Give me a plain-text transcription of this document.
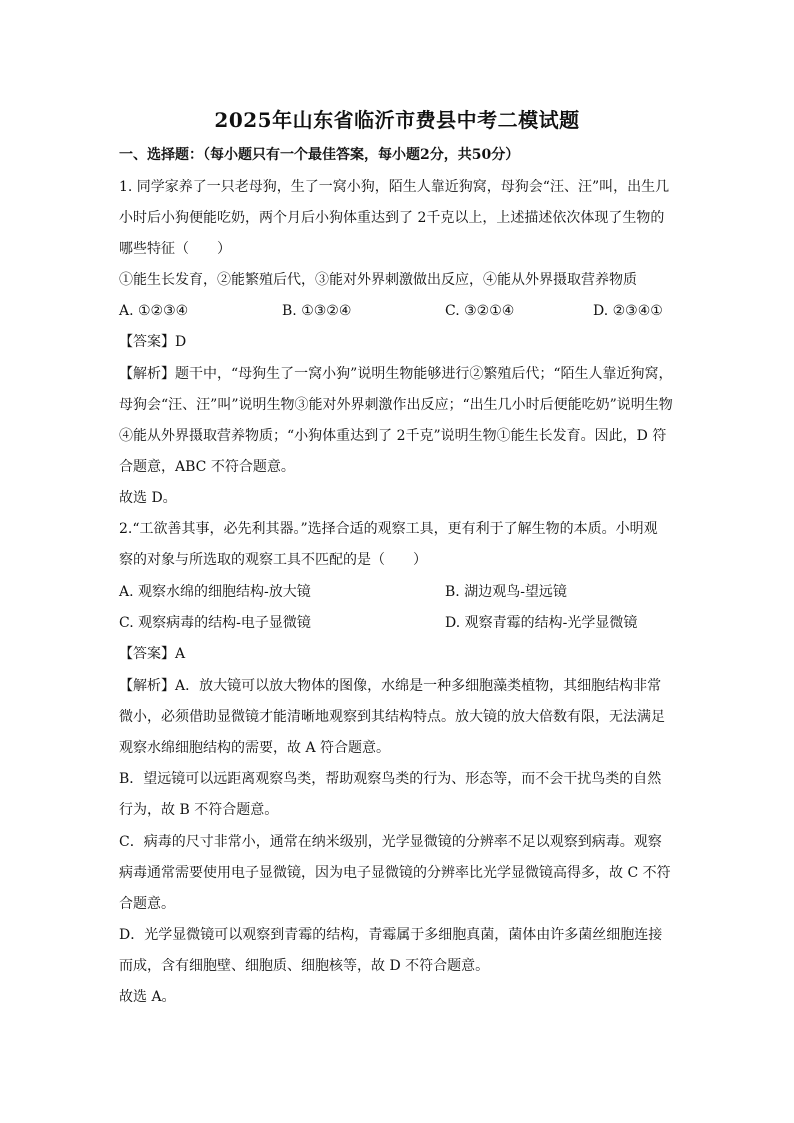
2025年山东省临沂市费县中考二模试题
一、选择题：（每小题只有一个最佳答案，每小题2分，共50分）
1. 同学家养了一只老母狗，生了一窝小狗，陌生人靠近狗窝，母狗会“汪、汪”叫，出生几
小时后小狗便能吃奶，两个月后小狗体重达到了 2千克以上，上述描述依次体现了生物的
哪些特征（　　）
①能生长发育，②能繁殖后代，③能对外界刺激做出反应，④能从外界摄取营养物质
A. ①②③④	B. ①③②④	C. ③②①④	D. ②③④①
【答案】D
【解析】题干中，“母狗生了一窝小狗”说明生物能够进行②繁殖后代；“陌生人靠近狗窝，
母狗会“汪、汪”叫”说明生物③能对外界刺激作出反应；“出生几小时后便能吃奶”说明生物
④能从外界摄取营养物质；“小狗体重达到了 2千克”说明生物①能生长发育。因此，D 符
合题意，ABC 不符合题意。
故选 D。
2.“工欲善其事，必先利其器。”选择合适的观察工具，更有利于了解生物的本质。小明观
察的对象与所选取的观察工具不匹配的是（　　）
A. 观察水绵的细胞结构-放大镜	B. 湖边观鸟-望远镜
C. 观察病毒的结构-电子显微镜	D. 观察青霉的结构-光学显微镜
【答案】A
【解析】A．放大镜可以放大物体的图像，水绵是一种多细胞藻类植物，其细胞结构非常
微小，必须借助显微镜才能清晰地观察到其结构特点。放大镜的放大倍数有限，无法满足
观察水绵细胞结构的需要，故 A 符合题意。
B．望远镜可以远距离观察鸟类，帮助观察鸟类的行为、形态等，而不会干扰鸟类的自然
行为，故 B 不符合题意。
C．病毒的尺寸非常小，通常在纳米级别，光学显微镜的分辨率不足以观察到病毒。观察
病毒通常需要使用电子显微镜，因为电子显微镜的分辨率比光学显微镜高得多，故 C 不符
合题意。
D．光学显微镜可以观察到青霉的结构，青霉属于多细胞真菌，菌体由许多菌丝细胞连接
而成，含有细胞壁、细胞质、细胞核等，故 D 不符合题意。
故选 A。
